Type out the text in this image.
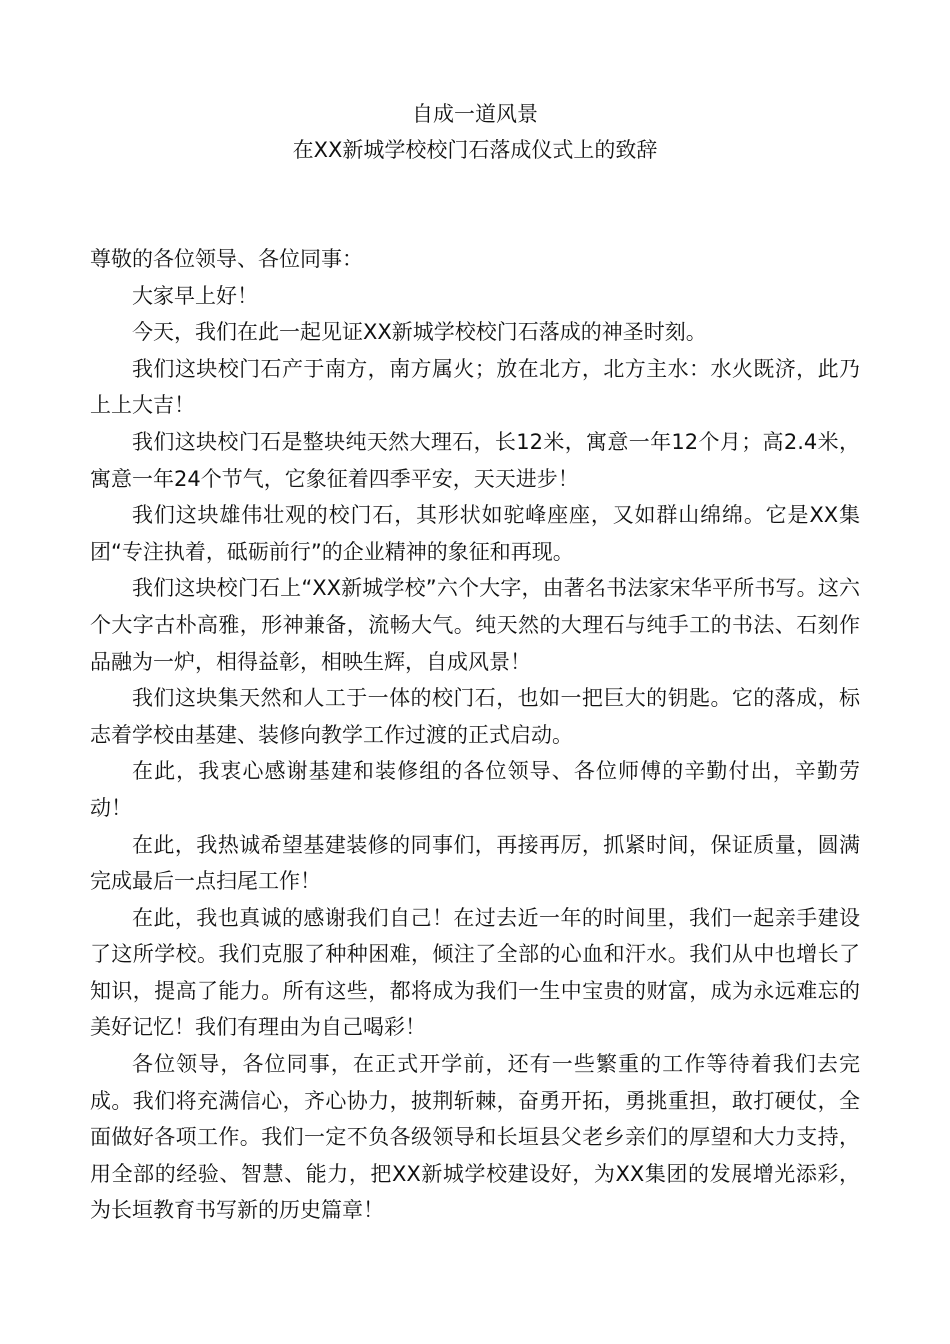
自成一道风景
在XX新城学校校门石落成仪式上的致辞

尊敬的各位领导、各位同事：

大家早上好！

今天，我们在此一起见证XX新城学校校门石落成的神圣时刻。

我们这块校门石产于南方，南方属火；放在北方，北方主水：水火既济，此乃上上大吉！

我们这块校门石是整块纯天然大理石，长12米，寓意一年12个月；高2.4米，寓意一年24个节气，它象征着四季平安，天天进步！

我们这块雄伟壮观的校门石，其形状如驼峰座座，又如群山绵绵。它是XX集团“专注执着，砥砺前行”的企业精神的象征和再现。

我们这块校门石上“XX新城学校”六个大字，由著名书法家宋华平所书写。这六个大字古朴高雅，形神兼备，流畅大气。纯天然的大理石与纯手工的书法、石刻作品融为一炉，相得益彰，相映生辉，自成风景！

我们这块集天然和人工于一体的校门石，也如一把巨大的钥匙。它的落成，标志着学校由基建、装修向教学工作过渡的正式启动。

在此，我衷心感谢基建和装修组的各位领导、各位师傅的辛勤付出，辛勤劳动！

在此，我热诚希望基建装修的同事们，再接再厉，抓紧时间，保证质量，圆满完成最后一点扫尾工作！

在此，我也真诚的感谢我们自己！在过去近一年的时间里，我们一起亲手建设了这所学校。我们克服了种种困难，倾注了全部的心血和汗水。我们从中也增长了知识，提高了能力。所有这些，都将成为我们一生中宝贵的财富，成为永远难忘的美好记忆！我们有理由为自己喝彩！

各位领导，各位同事，在正式开学前，还有一些繁重的工作等待着我们去完成。我们将充满信心，齐心协力，披荆斩棘，奋勇开拓，勇挑重担，敢打硬仗，全面做好各项工作。我们一定不负各级领导和长垣县父老乡亲们的厚望和大力支持，用全部的经验、智慧、能力，把XX新城学校建设好，为XX集团的发展增光添彩，为长垣教育书写新的历史篇章！
